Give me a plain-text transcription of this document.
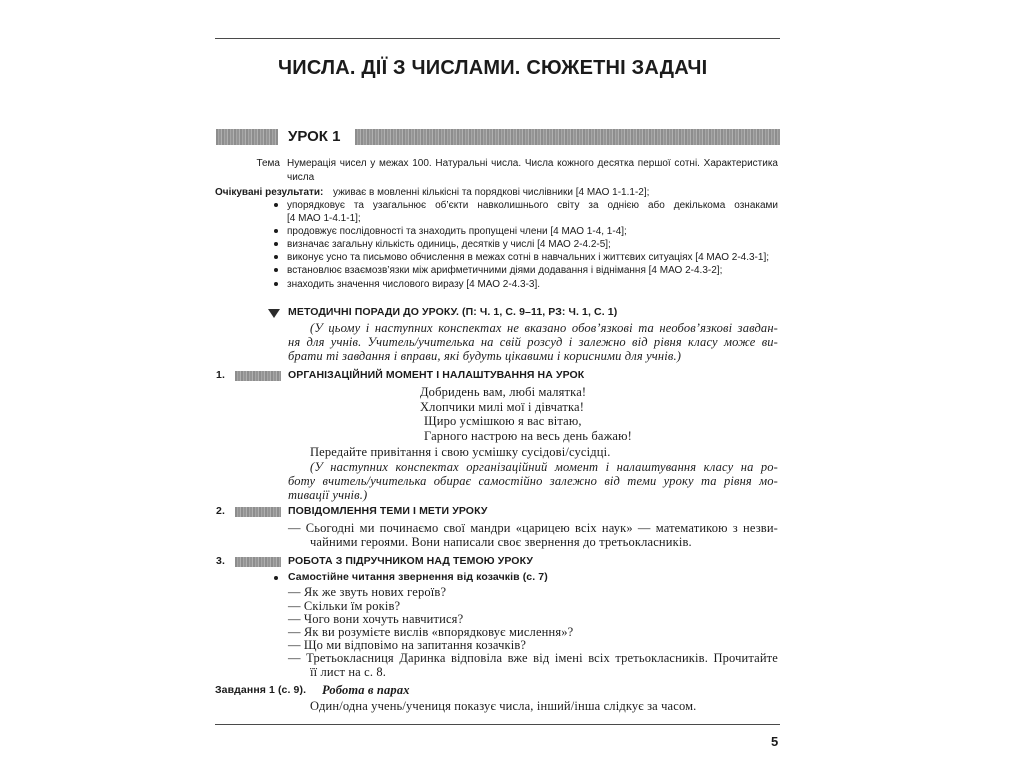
ЧИСЛА. ДІЇ З ЧИСЛАМИ. СЮЖЕТНІ ЗАДАЧІ
УРОК 1
Тема Нумерація чисел у межах 100. Натуральні числа. Числа кожного десятка першої сотні. Характеристика
числа
Очікувані результати: уживає в мовленні кількісні та порядкові числівники [4 МАО 1-1.1-2];
упорядковує та узагальнює об’єкти навколишнього світу за однією або декількома ознаками
[4 МАО 1-4.1-1];
продовжує послідовності та знаходить пропущені члени [4 МАО 1-4, 1-4];
визначає загальну кількість одиниць, десятків у числі [4 МАО 2-4.2-5];
виконує усно та письмово обчислення в межах сотні в навчальних і життєвих ситуаціях [4 МАО 2-4.3-1];
встановлює взаємозв’язки між арифметичними діями додавання і віднімання [4 МАО 2-4.3-2];
знаходить значення числового виразу [4 МАО 2-4.3-3].
МЕТОДИЧНІ ПОРАДИ ДО УРОКУ. (П: Ч. 1, С. 9–11, РЗ: Ч. 1, С. 1)
(У цьому і наступних конспектах не вказано обов’язкові та необов’язкові завдан-
ня для учнів. Учитель/учителька на свій розсуд і залежно від рівня класу може ви-
брати ті завдання і вправи, які будуть цікавими і корисними для учнів.)
1.	ОРГАНІЗАЦІЙНИЙ МОМЕНТ І НАЛАШТУВАННЯ НА УРОК
Добридень вам, любі малятка!
Хлопчики милі мої і дівчатка!
Щиро усмішкою я вас вітаю,
Гарного настрою на весь день бажаю!
Передайте привітання і свою усмішку сусідові/сусідці.
(У наступних конспектах організаційний момент і налаштування класу на ро-
боту вчитель/учителька обирає самостійно залежно від теми уроку та рівня мо-
тивації учнів.)
2.	ПОВІДОМЛЕННЯ ТЕМИ І МЕТИ УРОКУ
— Сьогодні ми починаємо свої мандри «царицею всіх наук» — математикою з незви-
чайними героями. Вони написали своє звернення до третьокласників.
3.	РОБОТА З ПІДРУЧНИКОМ НАД ТЕМОЮ УРОКУ
Самостійне читання звернення від козачків (с. 7)
— Як же звуть нових героїв?
— Скільки їм років?
— Чого вони хочуть навчитися?
— Як ви розумієте вислів «впорядковує мислення»?
— Що ми відповімо на запитання козачків?
— Третьокласниця Даринка відповіла вже від імені всіх третьокласників. Прочитайте
її лист на с. 8.
Завдання 1 (с. 9). Робота в парах
Один/одна учень/учениця показує числа, інший/інша слідкує за часом.
5
